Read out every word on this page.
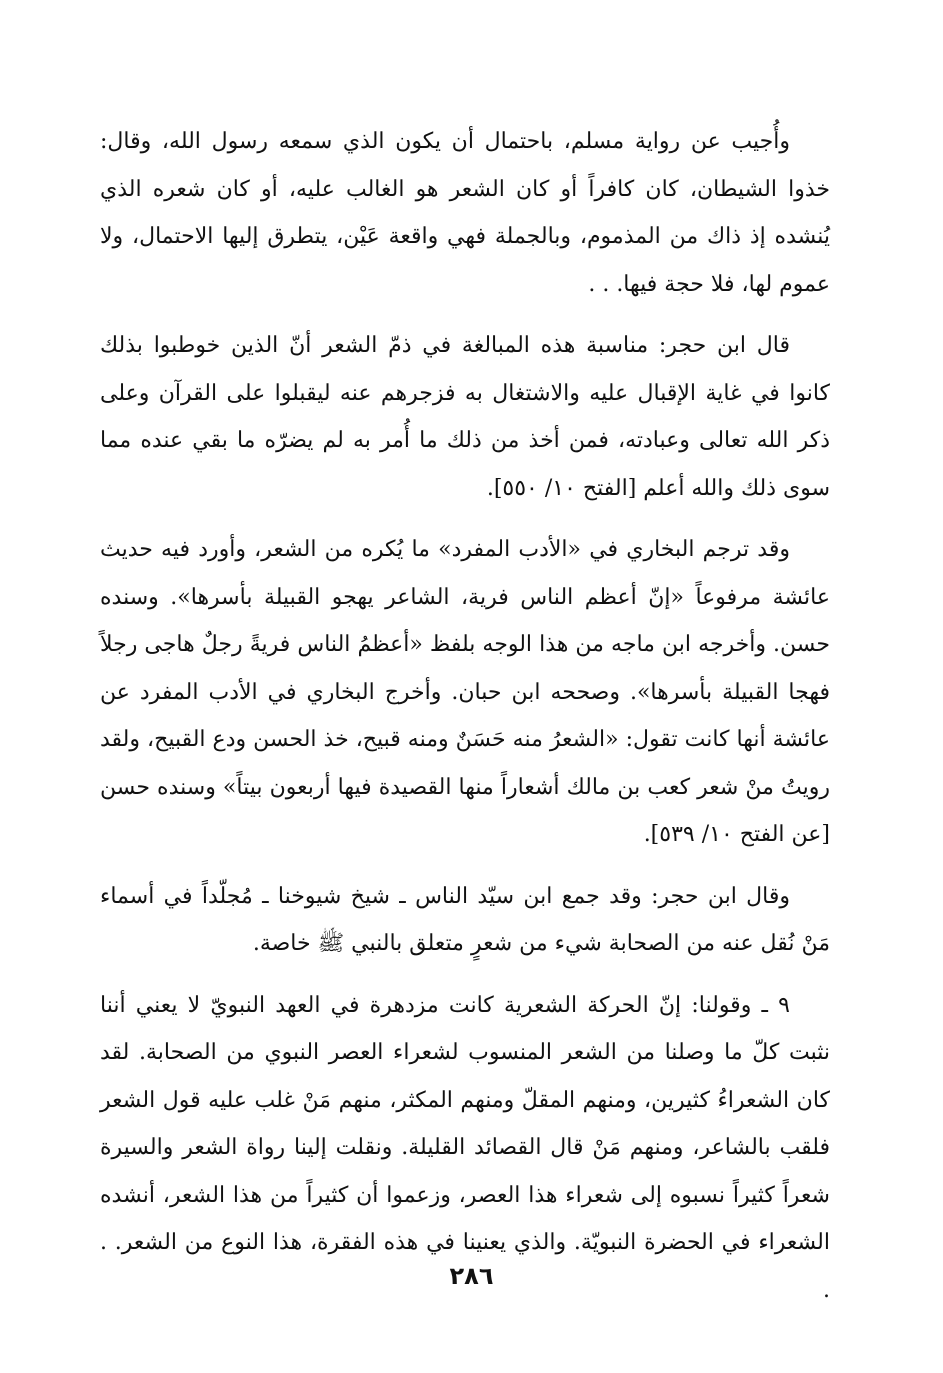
وأُجيب عن رواية مسلم، باحتمال أن يكون الذي سمعه رسول الله، وقال: خذوا الشيطان، كان كافراً أو كان الشعر هو الغالب عليه، أو كان شعره الذي يُنشده إذ ذاك من المذموم، وبالجملة فهي واقعة عَيْن، يتطرق إليها الاحتمال، ولا عموم لها، فلا حجة فيها. . .

قال ابن حجر: مناسبة هذه المبالغة في ذمّ الشعر أنّ الذين خوطبوا بذلك كانوا في غاية الإقبال عليه والاشتغال به فزجرهم عنه ليقبلوا على القرآن وعلى ذكر الله تعالى وعبادته، فمن أخذ من ذلك ما أُمر به لم يضرّه ما بقي عنده مما سوى ذلك والله أعلم [الفتح ١٠/ ٥٥٠].

وقد ترجم البخاري في «الأدب المفرد» ما يُكره من الشعر، وأورد فيه حديث عائشة مرفوعاً «إنّ أعظم الناس فرية، الشاعر يهجو القبيلة بأسرها». وسنده حسن. وأخرجه ابن ماجه من هذا الوجه بلفظ «أعظمُ الناس فريةً رجلٌ هاجى رجلاً فهجا القبيلة بأسرها». وصححه ابن حبان. وأخرج البخاري في الأدب المفرد عن عائشة أنها كانت تقول: «الشعرُ منه حَسَنٌ ومنه قبيح، خذ الحسن ودع القبيح، ولقد رويتُ منْ شعر كعب بن مالك أشعاراً منها القصيدة فيها أربعون بيتاً» وسنده حسن [عن الفتح ١٠/ ٥٣٩].

وقال ابن حجر: وقد جمع ابن سيّد الناس ـ شيخ شيوخنا ـ مُجلّداً في أسماء مَنْ نُقل عنه من الصحابة شيء من شعرٍ متعلق بالنبي ﷺ خاصة.

٩ ـ وقولنا: إنّ الحركة الشعرية كانت مزدهرة في العهد النبويّ لا يعني أننا نثبت كلّ ما وصلنا من الشعر المنسوب لشعراء العصر النبوي من الصحابة. لقد كان الشعراءُ كثيرين، ومنهم المقلّ ومنهم المكثر، منهم مَنْ غلب عليه قول الشعر فلقب بالشاعر، ومنهم مَنْ قال القصائد القليلة. ونقلت إلينا رواة الشعر والسيرة شعراً كثيراً نسبوه إلى شعراء هذا العصر، وزعموا أن كثيراً من هذا الشعر، أنشده الشعراء في الحضرة النبويّة. والذي يعنينا في هذه الفقرة، هذا النوع من الشعر. . .

٢٨٦
